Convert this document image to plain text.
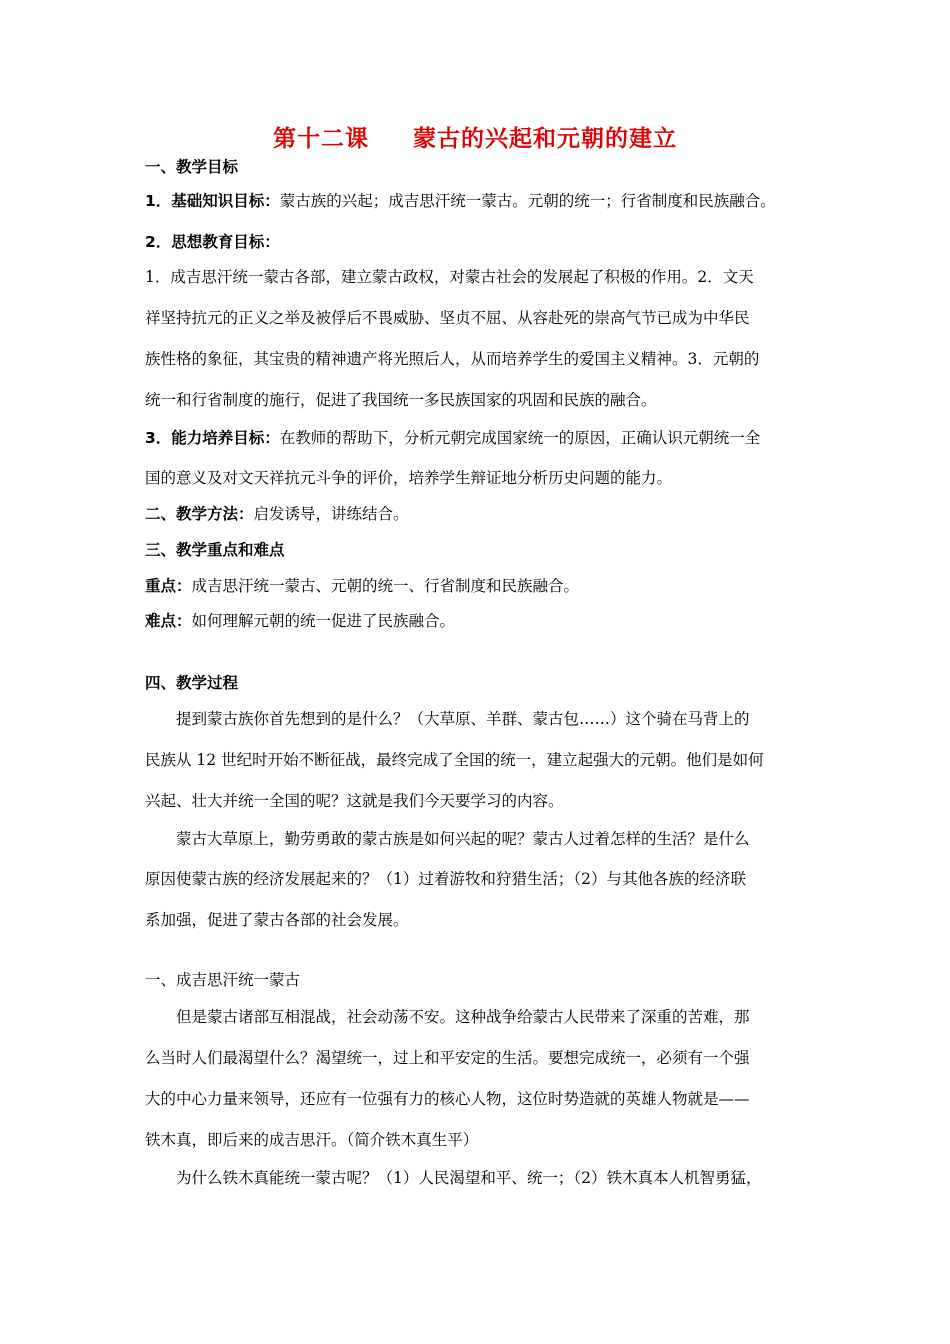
第十二课 蒙古的兴起和元朝的建立
一、教学目标
1．基础知识目标：蒙古族的兴起；成吉思汗统一蒙古。元朝的统一；行省制度和民族融合。
2．思想教育目标：
1．成吉思汗统一蒙古各部，建立蒙古政权，对蒙古社会的发展起了积极的作用。2．文天
祥坚持抗元的正义之举及被俘后不畏威胁、坚贞不屈、从容赴死的崇高气节已成为中华民
族性格的象征，其宝贵的精神遗产将光照后人，从而培养学生的爱国主义精神。3．元朝的
统一和行省制度的施行，促进了我国统一多民族国家的巩固和民族的融合。
3．能力培养目标：在教师的帮助下，分析元朝完成国家统一的原因，正确认识元朝统一全
国的意义及对文天祥抗元斗争的评价，培养学生辩证地分析历史问题的能力。
二、教学方法：启发诱导，讲练结合。
三、教学重点和难点
重点：成吉思汗统一蒙古、元朝的统一、行省制度和民族融合。
难点：如何理解元朝的统一促进了民族融合。
四、教学过程
提到蒙古族你首先想到的是什么？（大草原、羊群、蒙古包……）这个骑在马背上的
民族从 12 世纪时开始不断征战，最终完成了全国的统一，建立起强大的元朝。他们是如何
兴起、壮大并统一全国的呢？这就是我们今天要学习的内容。
蒙古大草原上，勤劳勇敢的蒙古族是如何兴起的呢？蒙古人过着怎样的生活？是什么
原因使蒙古族的经济发展起来的？（1）过着游牧和狩猎生活；（2）与其他各族的经济联
系加强，促进了蒙古各部的社会发展。
一、成吉思汗统一蒙古
但是蒙古诸部互相混战，社会动荡不安。这种战争给蒙古人民带来了深重的苦难，那
么当时人们最渴望什么？渴望统一，过上和平安定的生活。要想完成统一，必须有一个强
大的中心力量来领导，还应有一位强有力的核心人物，这位时势造就的英雄人物就是——
铁木真，即后来的成吉思汗。（简介铁木真生平）
为什么铁木真能统一蒙古呢？（1）人民渴望和平、统一；（2）铁木真本人机智勇猛，
